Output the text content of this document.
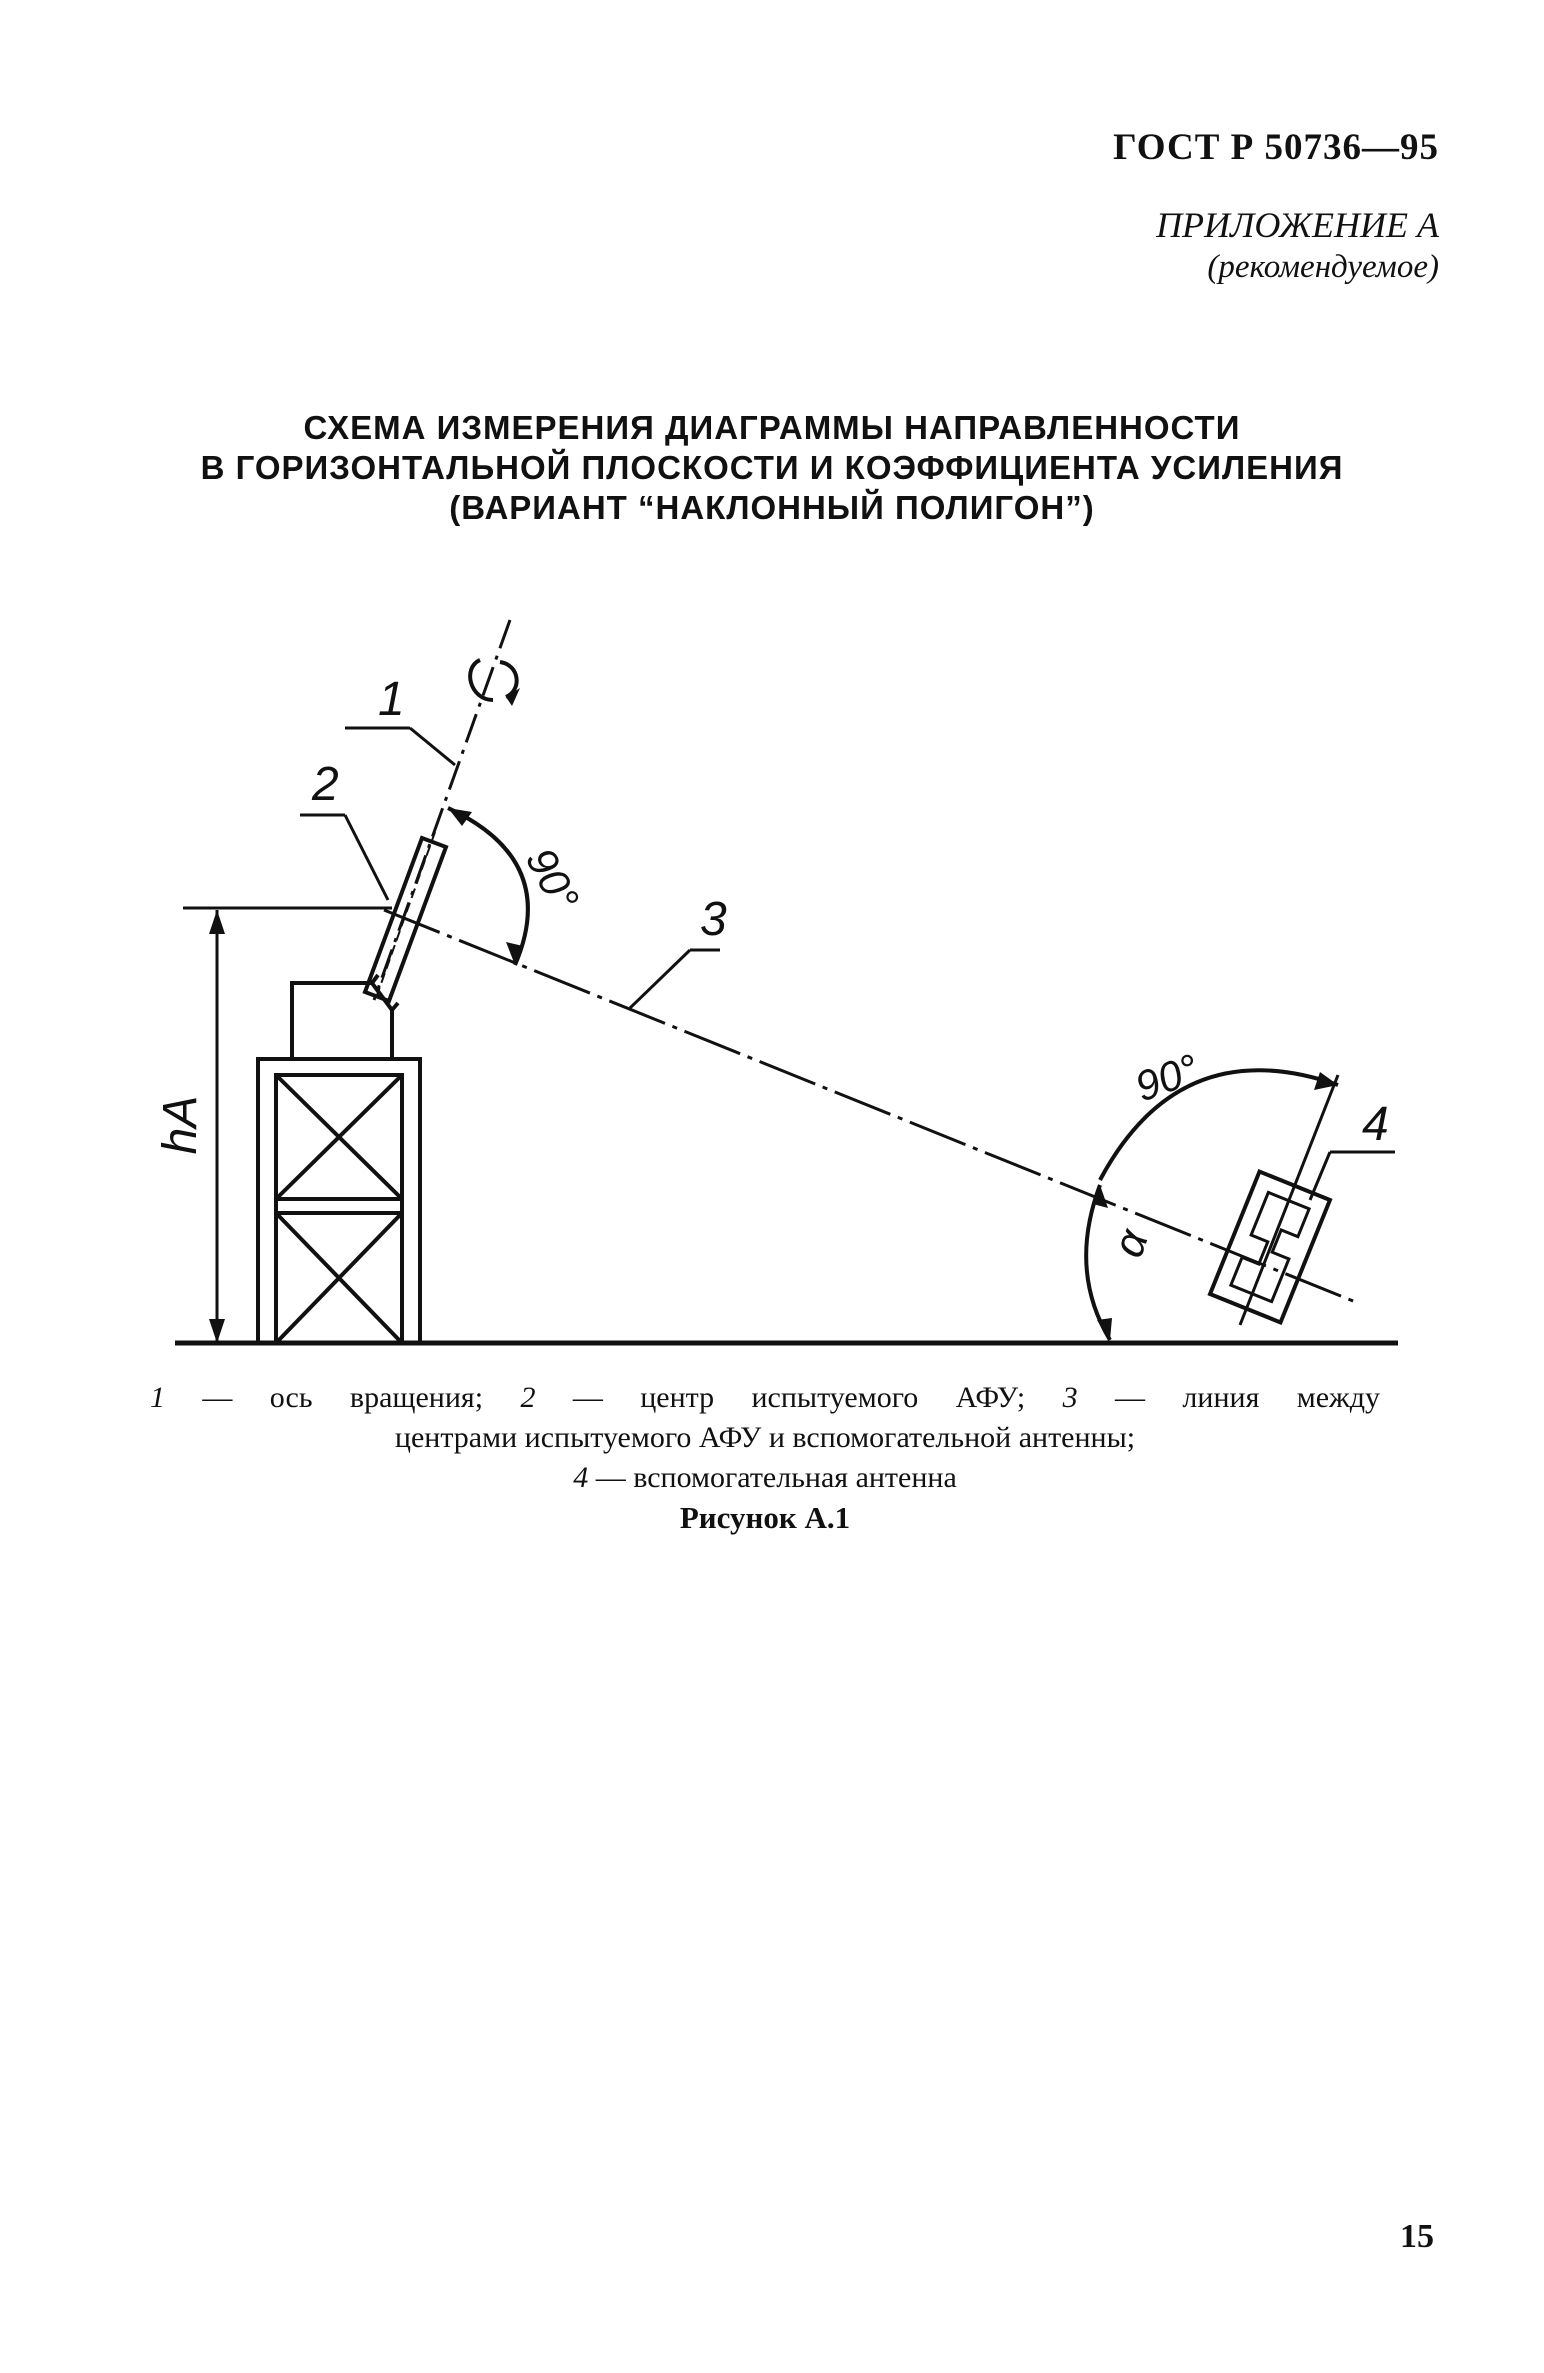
ГОСТ Р 50736—95
ПРИЛОЖЕНИЕ А
(рекомендуемое)
СХЕМА ИЗМЕРЕНИЯ ДИАГРАММЫ НАПРАВЛЕННОСТИ
В ГОРИЗОНТАЛЬНОЙ ПЛОСКОСТИ И КОЭФФИЦИЕНТА УСИЛЕНИЯ
(ВАРИАНТ “НАКЛОННЫЙ ПОЛИГОН”)
hA
90°
90°
α
1
2
3
4
1 — ось вращения; 2 — центр испытуемого АФУ; 3 — линия между
центрами испытуемого АФУ и вспомогательной антенны;
4 — вспомогательная антенна
Рисунок А.1
15
